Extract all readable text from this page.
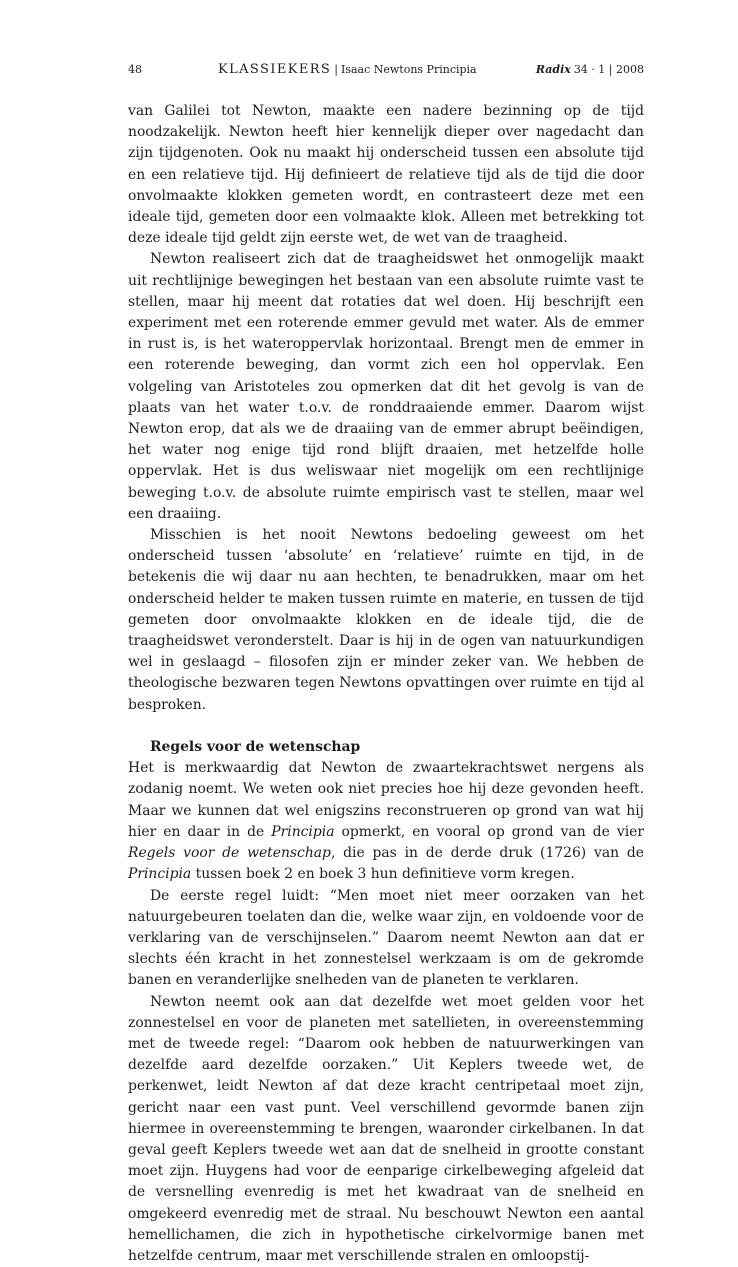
48	KLASSIEKERS | Isaac Newtons Principia	Radix 34 · 1 | 2008

van Galilei tot Newton, maakte een nadere bezinning op de tijd noodzakelijk. Newton heeft hier kennelijk dieper over nagedacht dan zijn tijdgenoten. Ook nu maakt hij onderscheid tussen een absolute tijd en een relatieve tijd. Hij definieert de relatieve tijd als de tijd die door onvolmaakte klokken gemeten wordt, en contrasteert deze met een ideale tijd, gemeten door een volmaakte klok. Alleen met betrekking tot deze ideale tijd geldt zijn eerste wet, de wet van de traagheid.

Newton realiseert zich dat de traagheidswet het onmogelijk maakt uit rechtlijnige bewegingen het bestaan van een absolute ruimte vast te stellen, maar hij meent dat rotaties dat wel doen. Hij beschrijft een experiment met een roterende emmer gevuld met water. Als de emmer in rust is, is het wateroppervlak horizontaal. Brengt men de emmer in een roterende beweging, dan vormt zich een hol oppervlak. Een volgeling van Aristoteles zou opmerken dat dit het gevolg is van de plaats van het water t.o.v. de ronddraaiende emmer. Daarom wijst Newton erop, dat als we de draaiing van de emmer abrupt beëindigen, het water nog enige tijd rond blijft draaien, met hetzelfde holle oppervlak. Het is dus weliswaar niet mogelijk om een rechtlijnige beweging t.o.v. de absolute ruimte empirisch vast te stellen, maar wel een draaiing.

Misschien is het nooit Newtons bedoeling geweest om het onderscheid tussen ‘absolute’ en ‘relatieve’ ruimte en tijd, in de betekenis die wij daar nu aan hechten, te benadrukken, maar om het onderscheid helder te maken tussen ruimte en materie, en tussen de tijd gemeten door onvolmaakte klokken en de ideale tijd, die de traagheidswet veronderstelt. Daar is hij in de ogen van natuurkundigen wel in geslaagd – filosofen zijn er minder zeker van. We hebben de theologische bezwaren tegen Newtons opvattingen over ruimte en tijd al besproken.

Regels voor de wetenschap

Het is merkwaardig dat Newton de zwaartekrachtswet nergens als zodanig noemt. We weten ook niet precies hoe hij deze gevonden heeft. Maar we kunnen dat wel enigszins reconstrueren op grond van wat hij hier en daar in de Principia opmerkt, en vooral op grond van de vier Regels voor de wetenschap, die pas in de derde druk (1726) van de Principia tussen boek 2 en boek 3 hun definitieve vorm kregen.

De eerste regel luidt: “Men moet niet meer oorzaken van het natuurgebeuren toelaten dan die, welke waar zijn, en voldoende voor de verklaring van de verschijnselen.” Daarom neemt Newton aan dat er slechts één kracht in het zonnestelsel werkzaam is om de gekromde banen en veranderlijke snelheden van de planeten te verklaren.

Newton neemt ook aan dat dezelfde wet moet gelden voor het zonnestelsel en voor de planeten met satellieten, in overeenstemming met de tweede regel: “Daarom ook hebben de natuurwerkingen van dezelfde aard dezelfde oorzaken.” Uit Keplers tweede wet, de perkenwet, leidt Newton af dat deze kracht centripetaal moet zijn, gericht naar een vast punt. Veel verschillend gevormde banen zijn hiermee in overeenstemming te brengen, waaronder cirkelbanen. In dat geval geeft Keplers tweede wet aan dat de snelheid in grootte constant moet zijn. Huygens had voor de eenparige cirkelbeweging afgeleid dat de versnelling evenredig is met het kwadraat van de snelheid en omgekeerd evenredig met de straal. Nu beschouwt Newton een aantal hemellichamen, die zich in hypothetische cirkelvormige banen met hetzelfde centrum, maar met verschillende stralen en omloopstij-
